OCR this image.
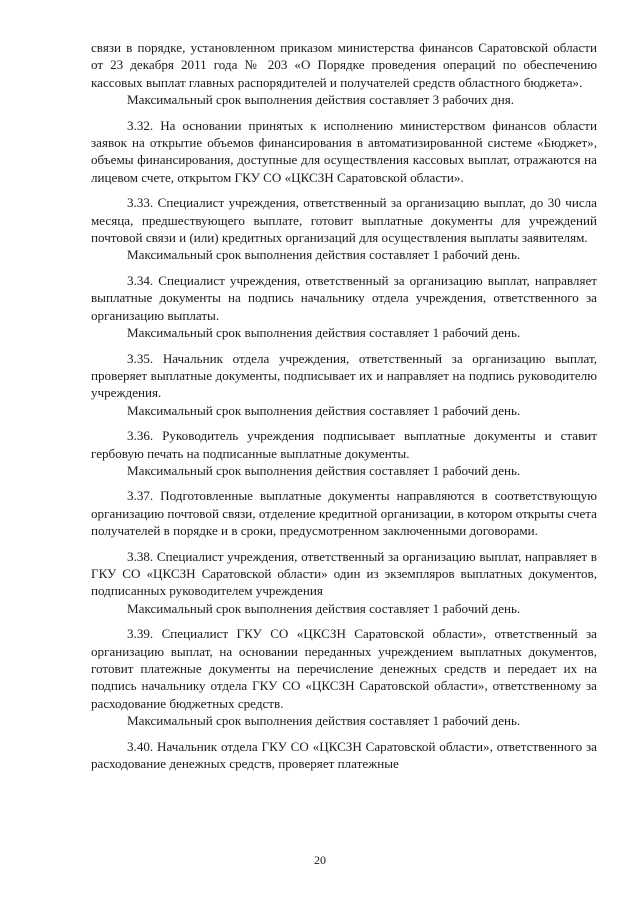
связи в порядке, установленном приказом министерства финансов Саратовской области от 23 декабря 2011 года № 203 «О Порядке проведения операций по обеспечению кассовых выплат главных распорядителей и получателей средств областного бюджета».

Максимальный срок выполнения действия составляет 3 рабочих дня.

3.32. На основании принятых к исполнению министерством финансов области заявок на открытие объемов финансирования в автоматизированной системе «Бюджет», объемы финансирования, доступные для осуществления кассовых выплат, отражаются на лицевом счете, открытом ГКУ СО «ЦКСЗН Саратовской области».

3.33. Специалист учреждения, ответственный за организацию выплат, до 30 числа месяца, предшествующего выплате, готовит выплатные документы для учреждений почтовой связи и (или) кредитных организаций для осуществления выплаты заявителям.

Максимальный срок выполнения действия составляет 1 рабочий день.

3.34. Специалист учреждения, ответственный за организацию выплат, направляет выплатные документы на подпись начальнику отдела учреждения, ответственного за организацию выплаты.

Максимальный срок выполнения действия составляет 1 рабочий день.

3.35. Начальник отдела учреждения, ответственный за организацию выплат, проверяет выплатные документы, подписывает их и направляет на подпись руководителю учреждения.

Максимальный срок выполнения действия составляет 1 рабочий день.

3.36. Руководитель учреждения подписывает выплатные документы и ставит гербовую печать на подписанные выплатные документы.

Максимальный срок выполнения действия составляет 1 рабочий день.

3.37. Подготовленные выплатные документы направляются в соответствующую организацию почтовой связи, отделение кредитной организации, в котором открыты счета получателей в порядке и в сроки, предусмотренном заключенными договорами.

3.38. Специалист учреждения, ответственный за организацию выплат, направляет в ГКУ СО «ЦКСЗН Саратовской области» один из экземпляров выплатных документов, подписанных руководителем учреждения

Максимальный срок выполнения действия составляет 1 рабочий день.

3.39. Специалист ГКУ СО «ЦКСЗН Саратовской области», ответственный за организацию выплат, на основании переданных учреждением выплатных документов, готовит платежные документы на перечисление денежных средств и передает их на подпись начальнику отдела ГКУ СО «ЦКСЗН Саратовской области», ответственному за расходование бюджетных средств.

Максимальный срок выполнения действия составляет 1 рабочий день.

3.40. Начальник отдела ГКУ СО «ЦКСЗН Саратовской области», ответственного за расходование денежных средств, проверяет платежные

20
